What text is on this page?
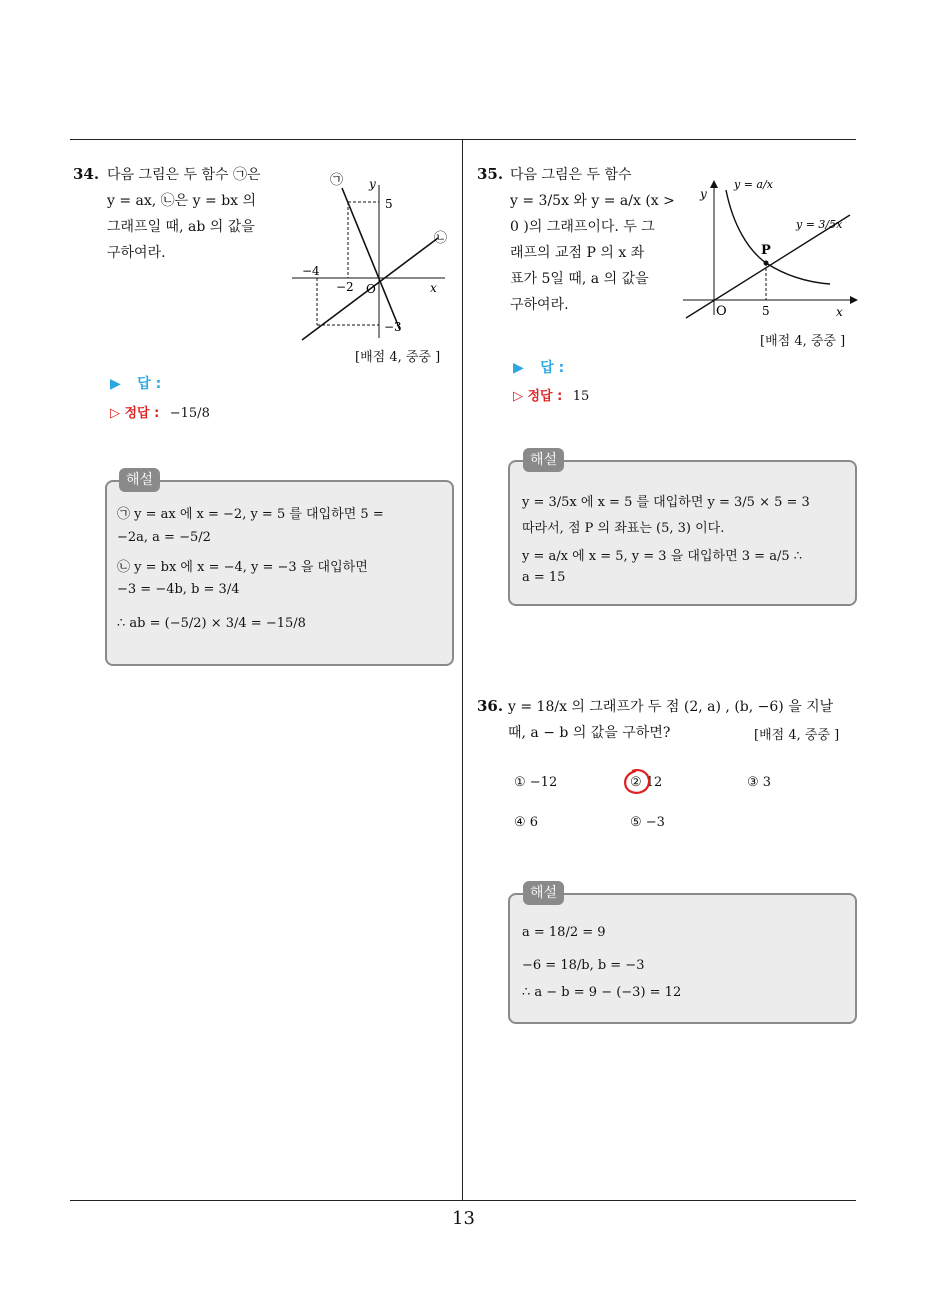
34. 다음 그림은 두 함수 ㉠은
y = ax, ㉡은 y = bx 의
그래프일 때, ab 의 값을
구하여라.
y
x
O
5
−4
−2
−3
㉠
㉡
[배점 4, 중중 ]
▶ 답 :
▷ 정답 : −15/8
해설
㉠ y = ax 에 x = −2, y = 5 를 대입하면 5 =
−2a, a = −5/2
㉡ y = bx 에 x = −4, y = −3 을 대입하면
−3 = −4b, b = 3/4
∴ ab = (−5/2) × 3/4 = −15/8
35. 다음 그림은 두 함수
y = 3/5x 와 y = a/x (x >
0 )의 그래프이다. 두 그
래프의 교점 P 의 x 좌
표가 5일 때, a 의 값을
구하여라.
y
x
O	5
P
y = a/x
y = 3/5x
[배점 4, 중중 ]
▶ 답 :
▷ 정답 : 15
해설
y = 3/5x 에 x = 5 를 대입하면 y = 3/5 × 5 = 3
따라서, 점 P 의 좌표는 (5, 3) 이다.
y = a/x 에 x = 5, y = 3 을 대입하면 3 = a/5 ∴
a = 15
36. y = 18/x 의 그래프가 두 점 (2, a) , (b, −6) 을 지날
때, a − b 의 값을 구하면?	[배점 4, 중중 ]
① −12	② 12	③ 3
④ 6	⑤ −3
해설
a = 18/2 = 9
−6 = 18/b, b = −3
∴ a − b = 9 − (−3) = 12
13
